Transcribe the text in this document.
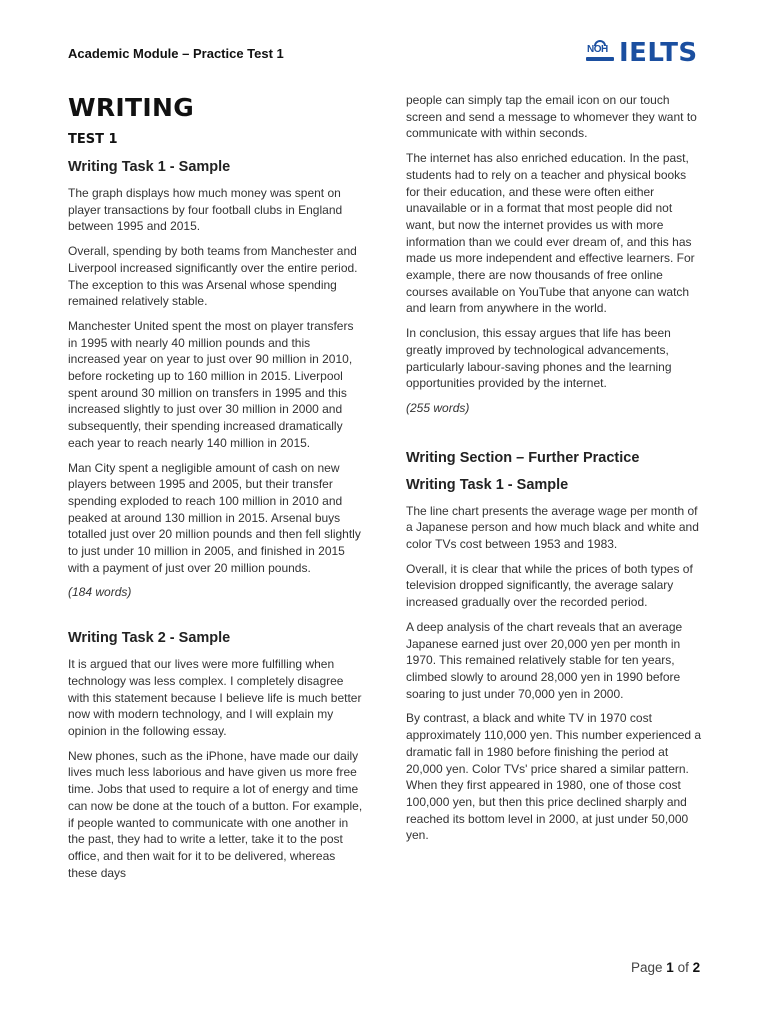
Academic Module – Practice Test 1	NOH IELTS
WRITING
TEST 1
Writing Task 1 - Sample

The graph displays how much money was spent on player transactions by four football clubs in England between 1995 and 2015.

Overall, spending by both teams from Manchester and Liverpool increased significantly over the entire period. The exception to this was Arsenal whose spending remained relatively stable.

Manchester United spent the most on player transfers in 1995 with nearly 40 million pounds and this increased year on year to just over 90 million in 2010, before rocketing up to 160 million in 2015. Liverpool spent around 30 million on transfers in 1995 and this increased slightly to just over 30 million in 2000 and subsequently, their spending increased dramatically each year to reach nearly 140 million in 2015.

Man City spent a negligible amount of cash on new players between 1995 and 2005, but their transfer spending exploded to reach 100 million in 2010 and peaked at around 130 million in 2015. Arsenal buys totalled just over 20 million pounds and then fell slightly to just under 10 million in 2005, and finished in 2015 with a payment of just over 20 million pounds.

(184 words)

Writing Task 2 - Sample

It is argued that our lives were more fulfilling when technology was less complex. I completely disagree with this statement because I believe life is much better now with modern technology, and I will explain my opinion in the following essay.

New phones, such as the iPhone, have made our daily lives much less laborious and have given us more free time. Jobs that used to require a lot of energy and time can now be done at the touch of a button. For example, if people wanted to communicate with one another in the past, they had to write a letter, take it to the post office, and then wait for it to be delivered, whereas these days

people can simply tap the email icon on our touch screen and send a message to whomever they want to communicate with within seconds.

The internet has also enriched education. In the past, students had to rely on a teacher and physical books for their education, and these were often either unavailable or in a format that most people did not want, but now the internet provides us with more information than we could ever dream of, and this has made us more independent and effective learners. For example, there are now thousands of free online courses available on YouTube that anyone can watch and learn from anywhere in the world.

In conclusion, this essay argues that life has been greatly improved by technological advancements, particularly labour-saving phones and the learning opportunities provided by the internet.

(255 words)

Writing Section – Further Practice
Writing Task 1 - Sample

The line chart presents the average wage per month of a Japanese person and how much black and white and color TVs cost between 1953 and 1983.

Overall, it is clear that while the prices of both types of television dropped significantly, the average salary increased gradually over the recorded period.

A deep analysis of the chart reveals that an average Japanese earned just over 20,000 yen per month in 1970. This remained relatively stable for ten years, climbed slowly to around 28,000 yen in 1990 before soaring to just under 70,000 yen in 2000.

By contrast, a black and white TV in 1970 cost approximately 110,000 yen. This number experienced a dramatic fall in 1980 before finishing the period at 20,000 yen. Color TVs' price shared a similar pattern. When they first appeared in 1980, one of those cost 100,000 yen, but then this price declined sharply and reached its bottom level in 2000, at just under 50,000 yen.

Page 1 of 2
